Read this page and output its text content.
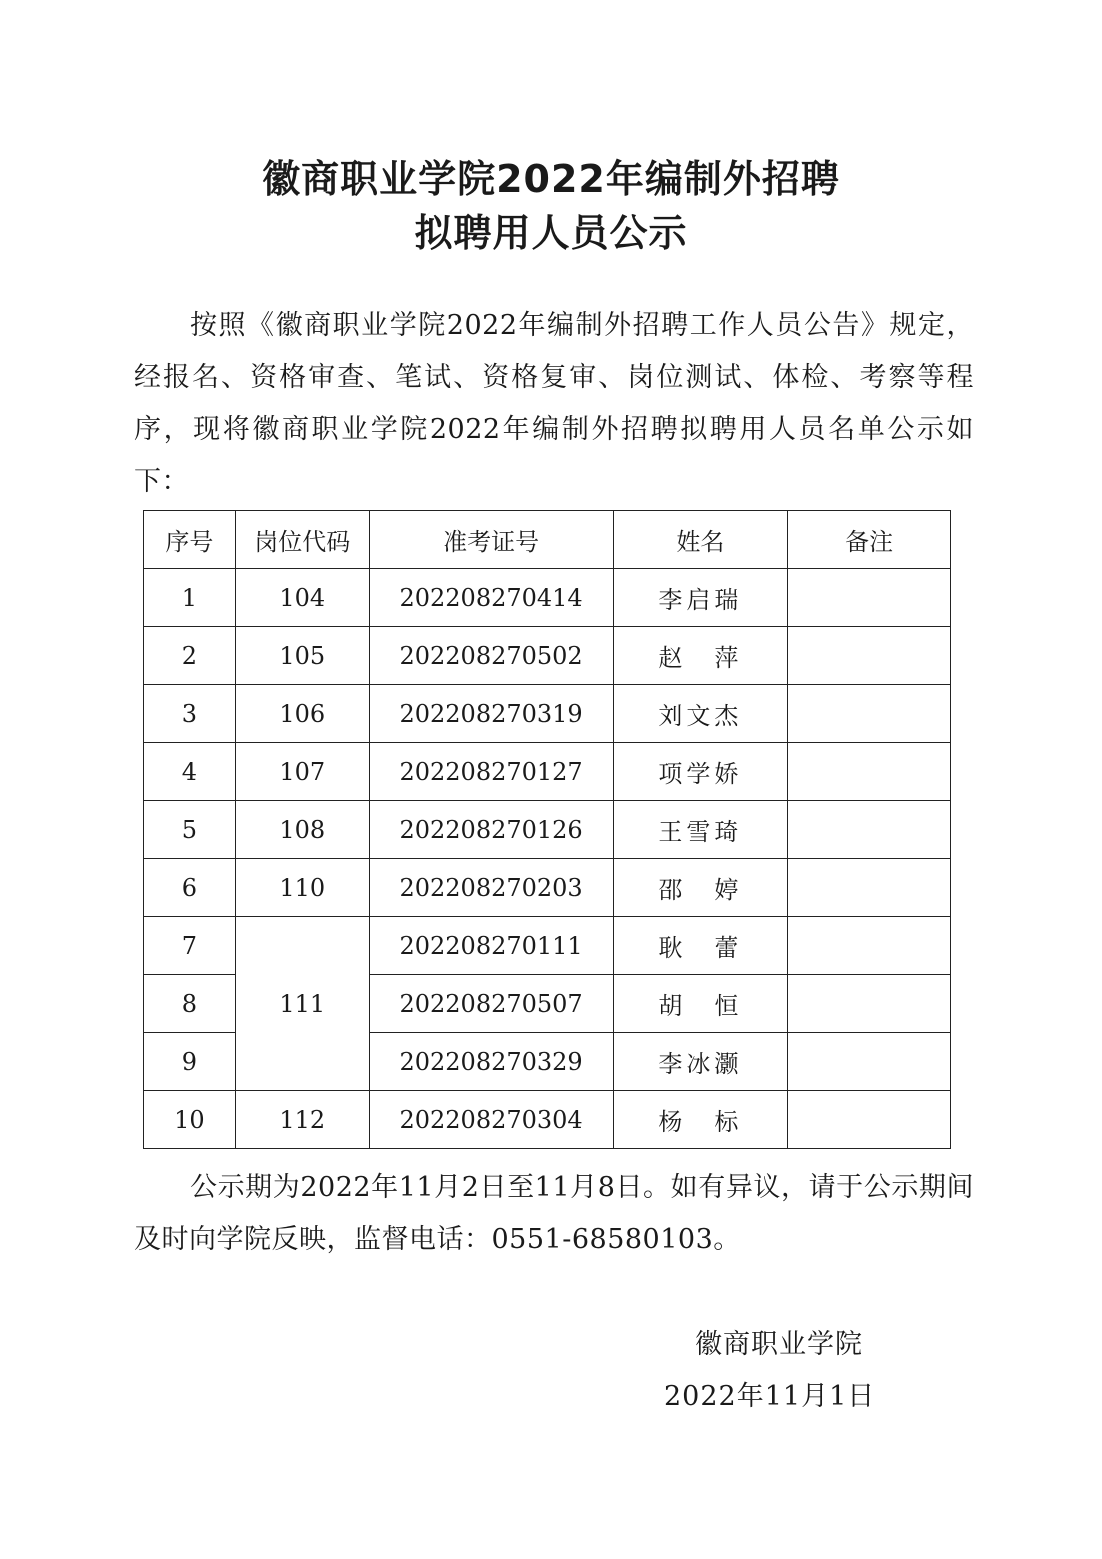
徽商职业学院2022年编制外招聘
拟聘用人员公示

按照《徽商职业学院2022年编制外招聘工作人员公告》规定，经报名、资格审查、笔试、资格复审、岗位测试、体检、考察等程序，现将徽商职业学院2022年编制外招聘拟聘用人员名单公示如下：

序号	岗位代码	准考证号	姓名	备注
1	104	202208270414	李启瑞	
2	105	202208270502	赵　萍	
3	106	202208270319	刘文杰	
4	107	202208270127	项学娇	
5	108	202208270126	王雪琦	
6	110	202208270203	邵　婷	
7	111	202208270111	耿　蕾	
8		202208270507	胡　恒	
9		202208270329	李冰灏	
10	112	202208270304	杨　标	

公示期为2022年11月2日至11月8日。如有异议，请于公示期间及时向学院反映，监督电话：0551-68580103。

徽商职业学院
2022年11月1日
